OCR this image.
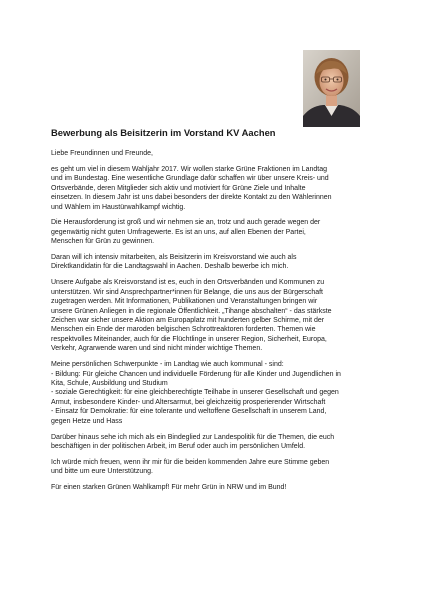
Bewerbung als Beisitzerin im Vorstand KV Aachen

Liebe Freundinnen und Freunde,

es geht um viel in diesem Wahljahr 2017. Wir wollen starke Grüne Fraktionen im Landtag
und im Bundestag. Eine wesentliche Grundlage dafür schaffen wir über unsere Kreis- und
Ortsverbände, deren Mitglieder sich aktiv und motiviert für Grüne Ziele und Inhalte
einsetzen. In diesem Jahr ist uns dabei besonders der direkte Kontakt zu den Wählerinnen
und Wählern im Haustürwahlkampf wichtig.

Die Herausforderung ist groß und wir nehmen sie an, trotz und auch gerade wegen der
gegenwärtig nicht guten Umfragewerte. Es ist an uns, auf allen Ebenen der Partei,
Menschen für Grün zu gewinnen.

Daran will ich intensiv mitarbeiten, als Beisitzerin im Kreisvorstand wie auch als
Direktkandidatin für die Landtagswahl in Aachen. Deshalb bewerbe ich mich.

Unsere Aufgabe als Kreisvorstand ist es, euch in den Ortsverbänden und Kommunen zu
unterstützen. Wir sind Ansprechpartner*innen für Belange, die uns aus der Bürgerschaft
zugetragen werden. Mit Informationen, Publikationen und Veranstaltungen bringen wir
unsere Grünen Anliegen in die regionale Öffentlichkeit. „Tihange abschalten“ - das stärkste
Zeichen war sicher unsere Aktion am Europaplatz mit hunderten gelber Schirme, mit der
Menschen ein Ende der maroden belgischen Schrottreaktoren forderten. Themen wie
respektvolles Miteinander, auch für die Flüchtlinge in unserer Region, Sicherheit, Europa,
Verkehr, Agrarwende waren und sind nicht minder wichtige Themen.

Meine persönlichen Schwerpunkte - im Landtag wie auch kommunal - sind:
- Bildung: Für gleiche Chancen und individuelle Förderung für alle Kinder und Jugendlichen in
Kita, Schule, Ausbildung und Studium
- soziale Gerechtigkeit: für eine gleichberechtigte Teilhabe in unserer Gesellschaft und gegen
Armut, insbesondere Kinder- und Altersarmut, bei gleichzeitig prosperierender Wirtschaft
- Einsatz für Demokratie: für eine tolerante und weltoffene Gesellschaft in unserem Land,
gegen Hetze und Hass

Darüber hinaus sehe ich mich als ein Bindeglied zur Landespolitik für die Themen, die euch
beschäftigen in der politischen Arbeit, im Beruf oder auch im persönlichen Umfeld.

Ich würde mich freuen, wenn ihr mir für die beiden kommenden Jahre eure Stimme geben
und bitte um eure Unterstützung.

Für einen starken Grünen Wahlkampf! Für mehr Grün in NRW und im Bund!
